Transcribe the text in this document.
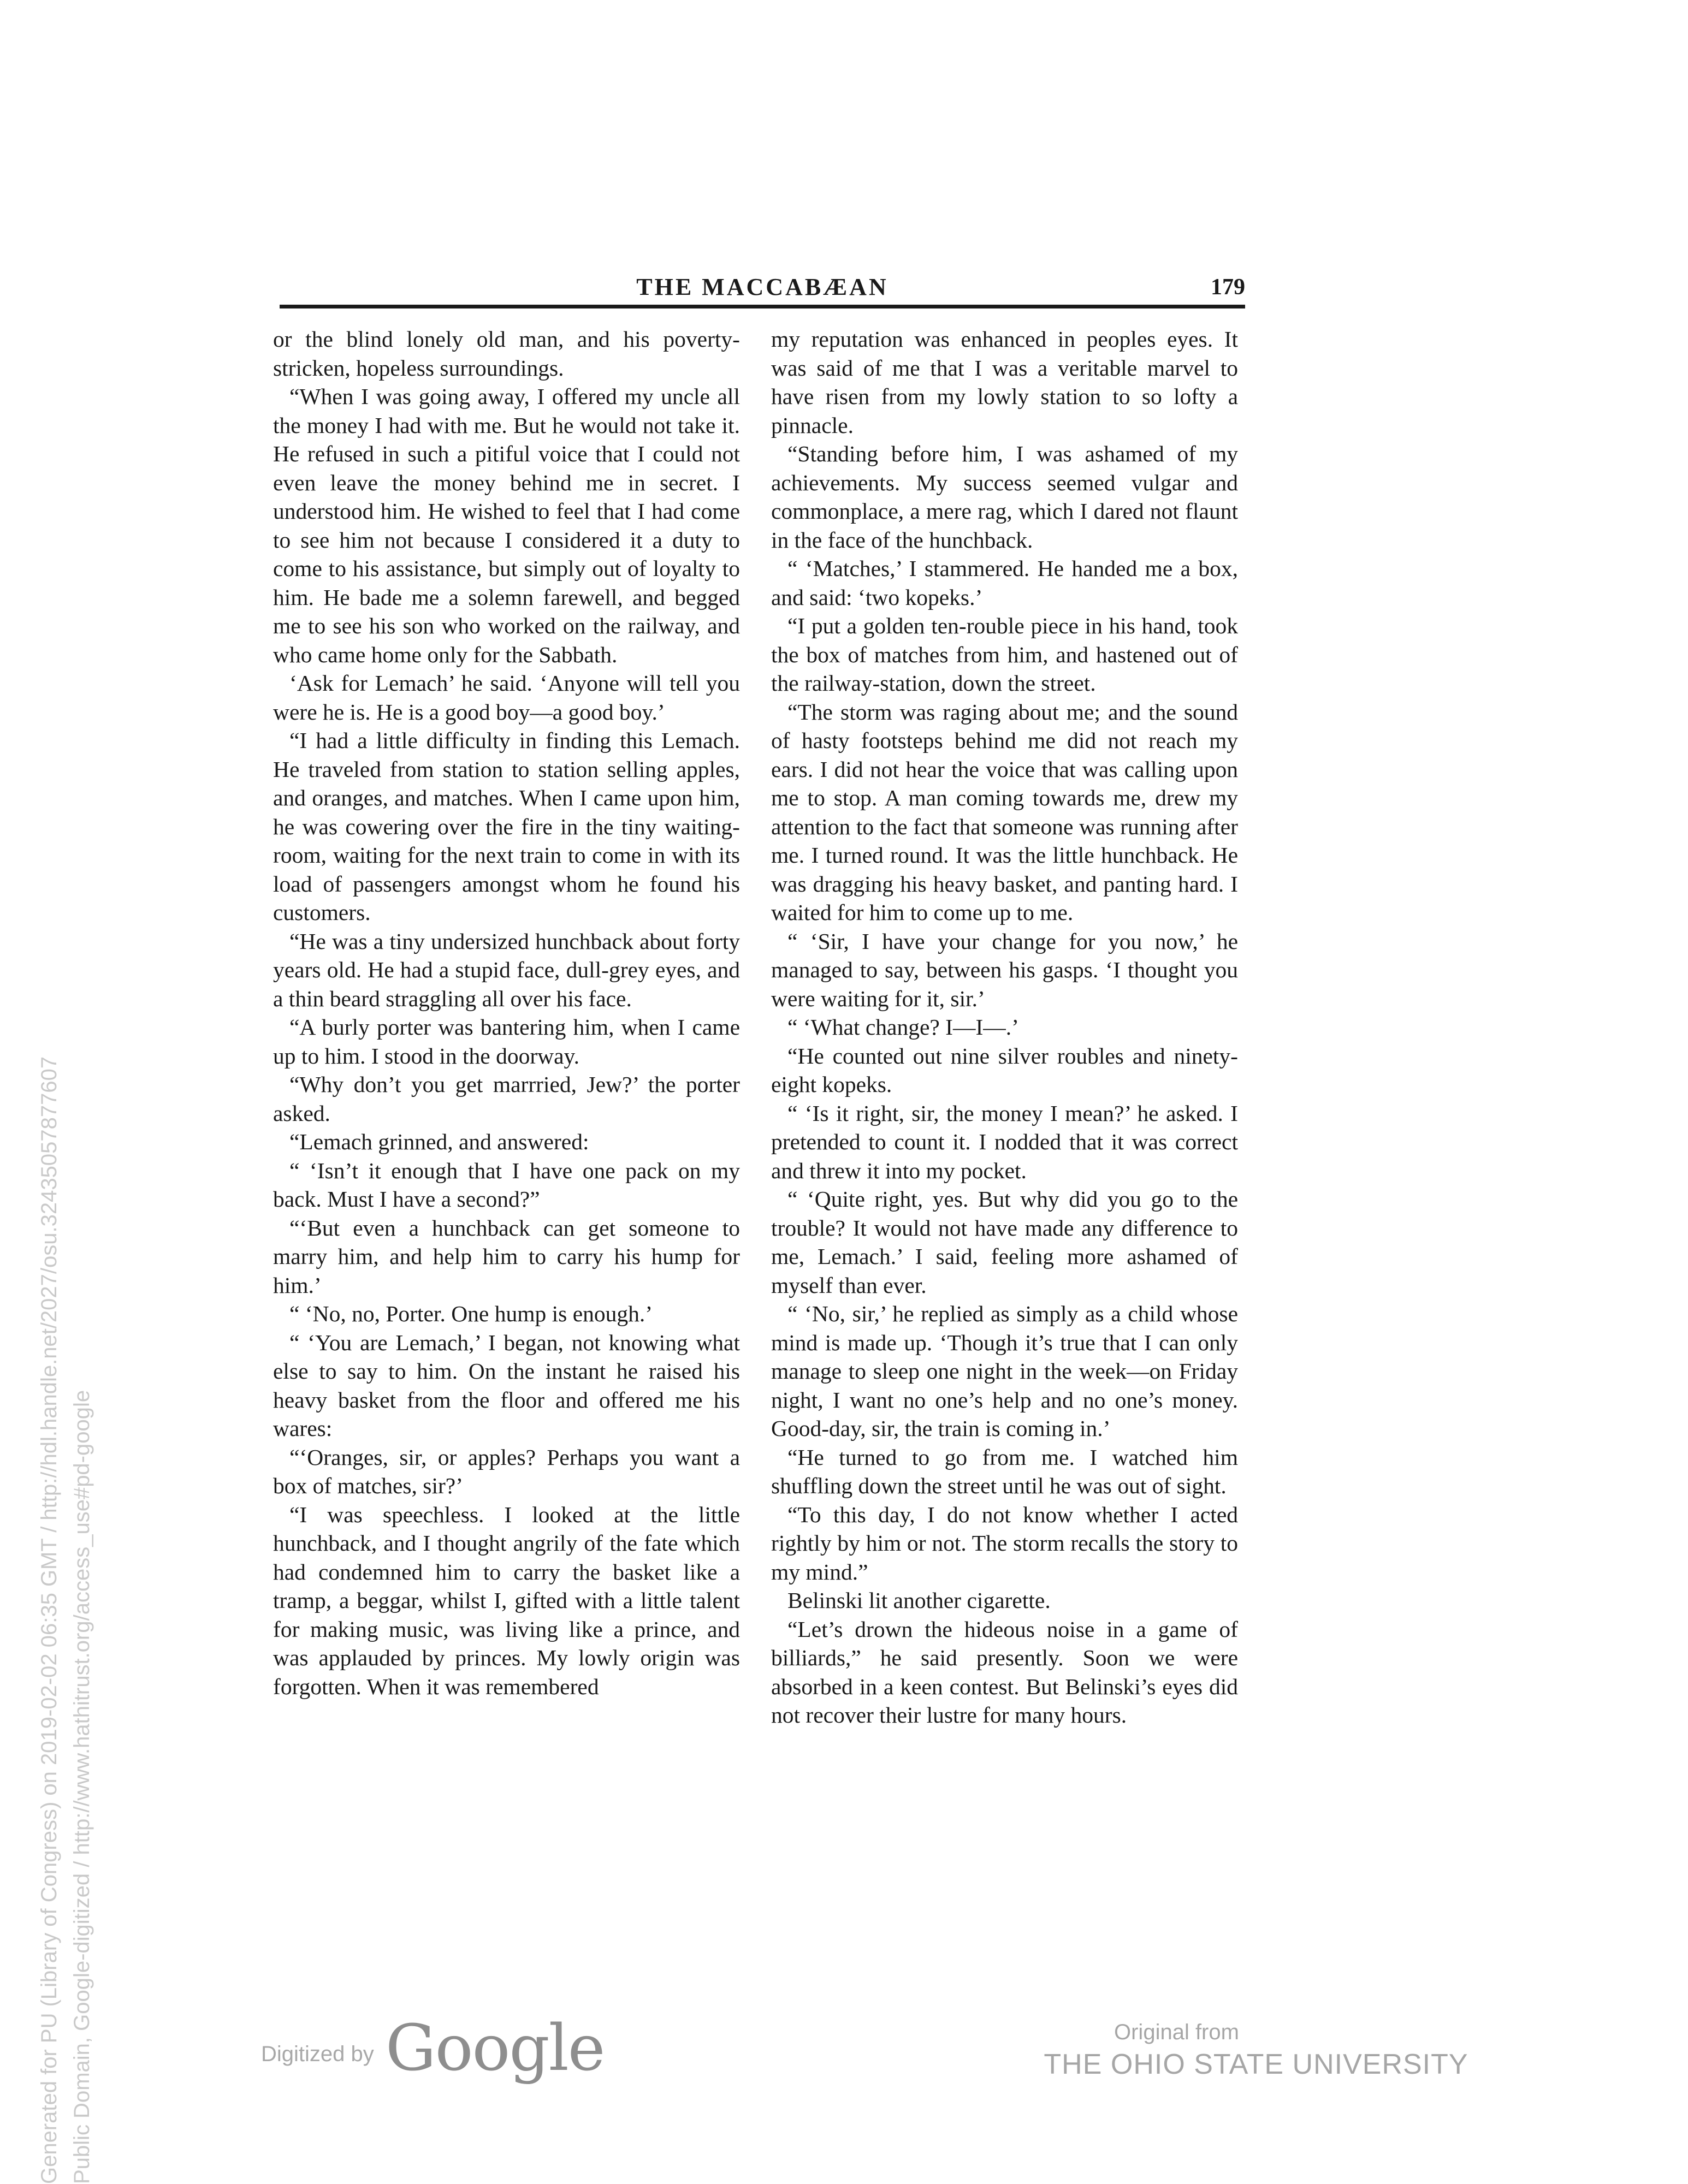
Generated for PU (Library of Congress) on 2019-02-02 06:35 GMT / http://hdl.handle.net/2027/osu.32435057877607 Public Domain, Google-digitized / http://www.hathitrust.org/access_use#pd-google
THE MACCABÆAN	179

or the blind lonely old man, and his poverty-stricken, hopeless surroundings.

“When I was going away, I offered my uncle all the money I had with me. But he would not take it. He refused in such a pitiful voice that I could not even leave the money behind me in secret. I understood him. He wished to feel that I had come to see him not because I considered it a duty to come to his assistance, but simply out of loyalty to him. He bade me a solemn farewell, and begged me to see his son who worked on the railway, and who came home only for the Sabbath.

‘Ask for Lemach’ he said. ‘Anyone will tell you were he is. He is a good boy—a good boy.’

“I had a little difficulty in finding this Lemach. He traveled from station to station selling apples, and oranges, and matches. When I came upon him, he was cowering over the fire in the tiny waiting-room, waiting for the next train to come in with its load of passengers amongst whom he found his customers.

“He was a tiny undersized hunchback about forty years old. He had a stupid face, dull-grey eyes, and a thin beard straggling all over his face.

“A burly porter was bantering him, when I came up to him. I stood in the doorway.

“Why don’t you get marrried, Jew?’ the porter asked.

“Lemach grinned, and answered:

“ ‘Isn’t it enough that I have one pack on my back. Must I have a second?”

“‘But even a hunchback can get someone to marry him, and help him to carry his hump for him.’

“ ‘No, no, Porter. One hump is enough.’

“ ‘You are Lemach,’ I began, not knowing what else to say to him. On the instant he raised his heavy basket from the floor and offered me his wares:

“‘Oranges, sir, or apples? Perhaps you want a box of matches, sir?’

“I was speechless. I looked at the little hunchback, and I thought angrily of the fate which had condemned him to carry the basket like a tramp, a beggar, whilst I, gifted with a little talent for making music, was living like a prince, and was applauded by princes. My lowly origin was forgotten. When it was remembered

my reputation was enhanced in peoples eyes. It was said of me that I was a veritable marvel to have risen from my lowly station to so lofty a pinnacle.

“Standing before him, I was ashamed of my achievements. My success seemed vulgar and commonplace, a mere rag, which I dared not flaunt in the face of the hunchback.

“ ‘Matches,’ I stammered. He handed me a box, and said: ‘two kopeks.’

“I put a golden ten-rouble piece in his hand, took the box of matches from him, and hastened out of the railway-station, down the street.

“The storm was raging about me; and the sound of hasty footsteps behind me did not reach my ears. I did not hear the voice that was calling upon me to stop. A man coming towards me, drew my attention to the fact that someone was running after me. I turned round. It was the little hunchback. He was dragging his heavy basket, and panting hard. I waited for him to come up to me.

“ ‘Sir, I have your change for you now,’ he managed to say, between his gasps. ‘I thought you were waiting for it, sir.’

“ ‘What change? I—I—.’

“He counted out nine silver roubles and ninety-eight kopeks.

“ ‘Is it right, sir, the money I mean?’ he asked. I pretended to count it. I nodded that it was correct and threw it into my pocket.

“ ‘Quite right, yes. But why did you go to the trouble? It would not have made any difference to me, Lemach.’ I said, feeling more ashamed of myself than ever.

“ ‘No, sir,’ he replied as simply as a child whose mind is made up. ‘Though it’s true that I can only manage to sleep one night in the week—on Friday night, I want no one’s help and no one’s money. Good-day, sir, the train is coming in.’

“He turned to go from me. I watched him shuffling down the street until he was out of sight.

“To this day, I do not know whether I acted rightly by him or not. The storm recalls the story to my mind.”

Belinski lit another cigarette.

“Let’s drown the hideous noise in a game of billiards,” he said presently. Soon we were absorbed in a keen contest. But Belinski’s eyes did not recover their lustre for many hours.

Digitized by Google	Original from
THE OHIO STATE UNIVERSITY
